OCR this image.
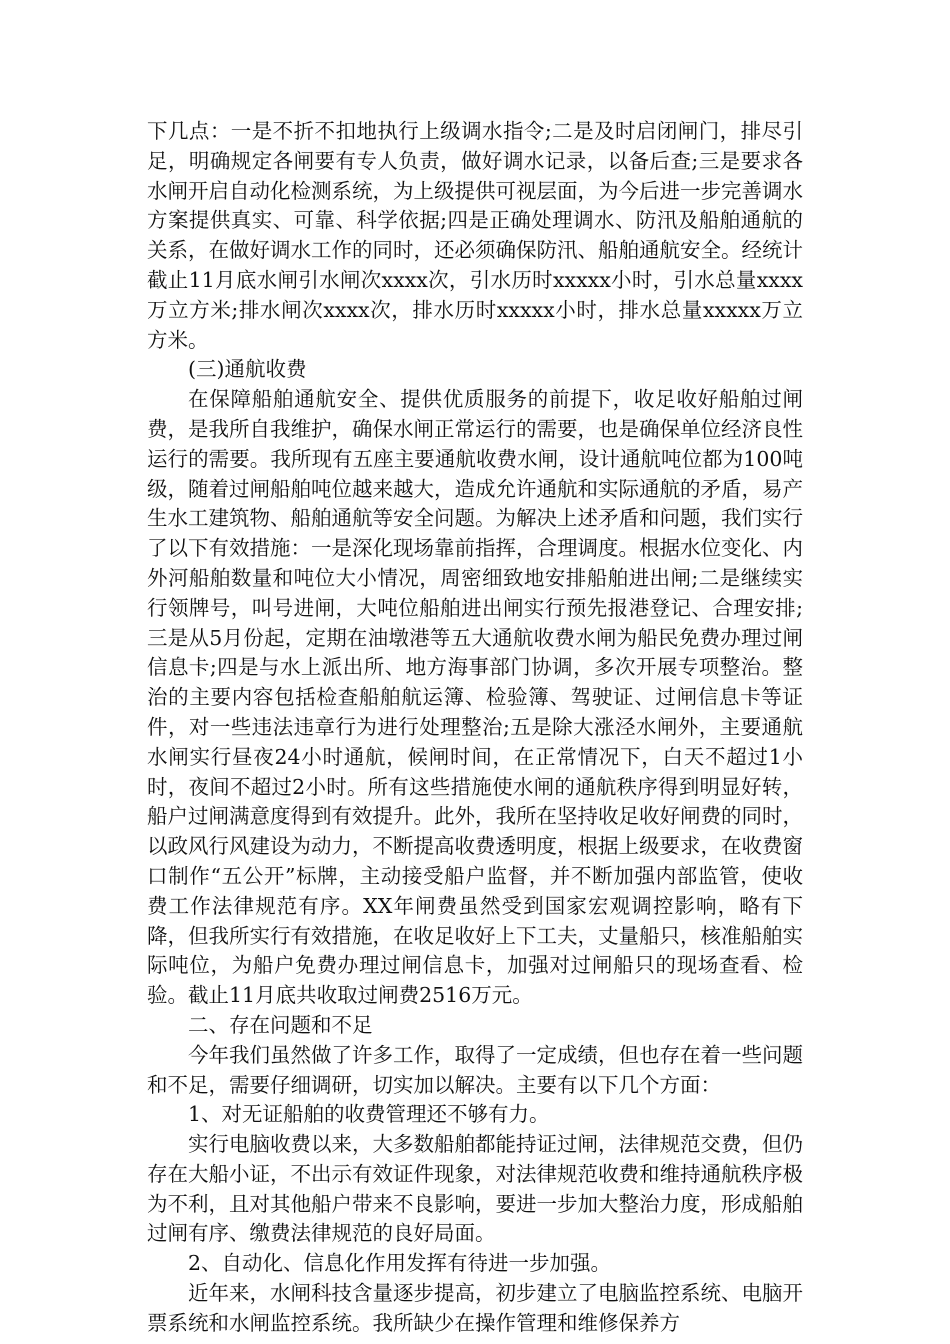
下几点：一是不折不扣地执行上级调水指令;二是及时启闭闸门，排尽引足，明确规定各闸要有专人负责，做好调水记录，以备后查;三是要求各水闸开启自动化检测系统，为上级提供可视层面，为今后进一步完善调水方案提供真实、可靠、科学依据;四是正确处理调水、防汛及船舶通航的关系，在做好调水工作的同时，还必须确保防汛、船舶通航安全。经统计截止11月底水闸引水闸次xxxx次，引水历时xxxxx小时，引水总量xxxx万立方米;排水闸次xxxx次，排水历时xxxxx小时，排水总量xxxxx万立方米。

(三)通航收费

在保障船舶通航安全、提供优质服务的前提下，收足收好船舶过闸费，是我所自我维护，确保水闸正常运行的需要，也是确保单位经济良性运行的需要。我所现有五座主要通航收费水闸，设计通航吨位都为100吨级，随着过闸船舶吨位越来越大，造成允许通航和实际通航的矛盾，易产生水工建筑物、船舶通航等安全问题。为解决上述矛盾和问题，我们实行了以下有效措施：一是深化现场靠前指挥，合理调度。根据水位变化、内外河船舶数量和吨位大小情况，周密细致地安排船舶进出闸;二是继续实行领牌号，叫号进闸，大吨位船舶进出闸实行预先报港登记、合理安排;三是从5月份起，定期在油墩港等五大通航收费水闸为船民免费办理过闸信息卡;四是与水上派出所、地方海事部门协调，多次开展专项整治。整治的主要内容包括检查船舶航运簿、检验簿、驾驶证、过闸信息卡等证件，对一些违法违章行为进行处理整治;五是除大涨泾水闸外，主要通航水闸实行昼夜24小时通航，候闸时间，在正常情况下，白天不超过1小时，夜间不超过2小时。所有这些措施使水闸的通航秩序得到明显好转，船户过闸满意度得到有效提升。此外，我所在坚持收足收好闸费的同时，以政风行风建设为动力，不断提高收费透明度，根据上级要求，在收费窗口制作“五公开”标牌，主动接受船户监督，并不断加强内部监管，使收费工作法律规范有序。XX年闸费虽然受到国家宏观调控影响，略有下降，但我所实行有效措施，在收足收好上下工夫，丈量船只，核准船舶实际吨位，为船户免费办理过闸信息卡，加强对过闸船只的现场查看、检验。截止11月底共收取过闸费2516万元。

二、存在问题和不足

今年我们虽然做了许多工作，取得了一定成绩，但也存在着一些问题和不足，需要仔细调研，切实加以解决。主要有以下几个方面：

1、对无证船舶的收费管理还不够有力。

实行电脑收费以来，大多数船舶都能持证过闸，法律规范交费，但仍存在大船小证，不出示有效证件现象，对法律规范收费和维持通航秩序极为不利，且对其他船户带来不良影响，要进一步加大整治力度，形成船舶过闸有序、缴费法律规范的良好局面。

2、自动化、信息化作用发挥有待进一步加强。

近年来，水闸科技含量逐步提高，初步建立了电脑监控系统、电脑开票系统和水闸监控系统。我所缺少在操作管理和维修保养方
